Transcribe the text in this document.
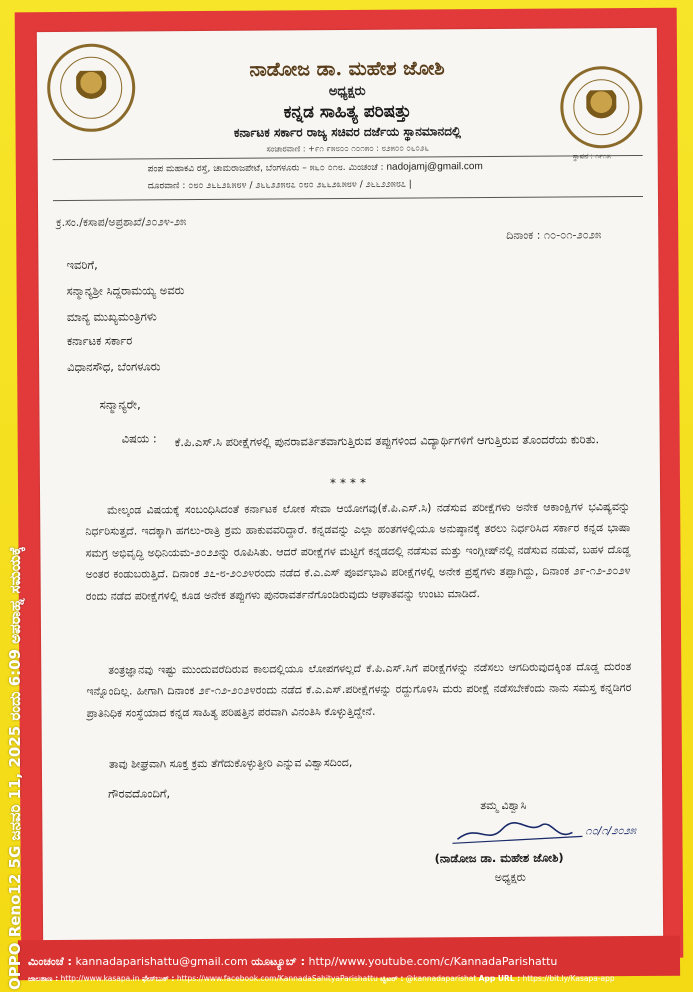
ಸ್ಥಾಪನೆ : ೧೯೧೫
ನಾಡೋಜ ಡಾ. ಮಹೇಶ ಜೋಶಿ
ಅಧ್ಯಕ್ಷರು
ಕನ್ನಡ ಸಾಹಿತ್ಯ ಪರಿಷತ್ತು
ಕರ್ನಾಟಕ ಸರ್ಕಾರ ರಾಜ್ಯ ಸಚಿವರ ದರ್ಜೆಯ ಸ್ಥಾನಮಾನದಲ್ಲಿ
ಸಂಚಾರವಾಣಿ : +೯೧ ೯೫೮೦೦ ೧೦೧೫೦ : ೮೨೫೦೦ ೦೬೦೨೬
ಪಂಪ ಮಹಾಕವಿ ರಸ್ತೆ, ಚಾಮರಾಜಪೇಟೆ, ಬೆಂಗಳೂರು – ೫೬೦ ೦೧೮. ಮಿಂಚಂಚೆ : nadojamj@gmail.com
ದೂರವಾಣಿ : ೦೮೦ ೨೬೬೨೩೫೮೪ / ೨೬೬೨೨೫೮೭ ೦೮೦ ೨೬೬೨೩೫೮೪ / ೨೬೬೨೨೫೮೭ |
ಕ್ರ.ಸಂ./ಕಸಾಪ/ಅಪ್ರಶಾಖೆ/೨೦೨೪-೨೫
ದಿನಾಂಕ : ೧೦-೦೧-೨೦೨೫
ಇವರಿಗೆ,
ಸನ್ಮಾನ್ಯಶ್ರೀ ಸಿದ್ದರಾಮಯ್ಯ ಅವರು
ಮಾನ್ಯ ಮುಖ್ಯಮಂತ್ರಿಗಳು
ಕರ್ನಾಟಕ ಸರ್ಕಾರ
ವಿಧಾನಸೌಧ, ಬೆಂಗಳೂರು
ಸನ್ಮಾನ್ಯರೇ,
ವಿಷಯ : ಕೆ.ಪಿ.ಎಸ್.ಸಿ ಪರೀಕ್ಷೆಗಳಲ್ಲಿ ಪುನರಾವರ್ತಿತವಾಗುತ್ತಿರುವ ತಪ್ಪುಗಳಿಂದ ವಿದ್ಯಾರ್ಥಿಗಳಿಗೆ ಆಗುತ್ತಿರುವ ತೊಂದರೆಯ ಕುರಿತು.
****
ಮೇಲ್ಕಂಡ ವಿಷಯಕ್ಕೆ ಸಂಬಂಧಿಸಿದಂತೆ ಕರ್ನಾಟಕ ಲೋಕ ಸೇವಾ ಆಯೋಗವು(ಕೆ.ಪಿ.ಎಸ್.ಸಿ) ನಡೆಸುವ ಪರೀಕ್ಷೆಗಳು ಅನೇಕ ಆಕಾಂಕ್ಷಿಗಳ ಭವಿಷ್ಯವನ್ನು ನಿರ್ಧರಿಸುತ್ತದೆ. ಇದಕ್ಕಾಗಿ ಹಗಲು-ರಾತ್ರಿ ಶ್ರಮ ಹಾಕುವವರಿದ್ದಾರೆ. ಕನ್ನಡವನ್ನು ಎಲ್ಲಾ ಹಂತಗಳಲ್ಲಿಯೂ ಅನುಷ್ಠಾನಕ್ಕೆ ತರಲು ನಿರ್ಧರಿಸಿದ ಸರ್ಕಾರ ಕನ್ನಡ ಭಾಷಾ ಸಮಗ್ರ ಅಭಿವೃದ್ಧಿ ಅಧಿನಿಯಮ-೨೦೨೨ನ್ನು ರೂಪಿಸಿತು. ಆದರೆ ಪರೀಕ್ಷೆಗಳ ಮಟ್ಟಿಗೆ ಕನ್ನಡದಲ್ಲಿ ನಡೆಸುವ ಮತ್ತು ಇಂಗ್ಲೀಷ್‌ನಲ್ಲಿ ನಡೆಸುವ ನಡುವೆ, ಬಹಳ ದೊಡ್ಡ ಅಂತರ ಕಂಡುಬರುತ್ತಿದೆ. ದಿನಾಂಕ ೨೭-೮-೨೦೨೪ರಂದು ನಡೆದ ಕೆ.ಎ.ಎಸ್ ಪೂರ್ವಭಾವಿ ಪರೀಕ್ಷೆಗಳಲ್ಲಿ ಅನೇಕ ಪ್ರಶ್ನೆಗಳು ತಪ್ಪಾಗಿದ್ದು, ದಿನಾಂಕ ೨೯-೧೨-೨೦೨೪ ರಂದು ನಡೆದ ಪರೀಕ್ಷೆಗಳಲ್ಲಿ ಕೂಡ ಅನೇಕ ತಪ್ಪುಗಳು ಪುನರಾವರ್ತನೆಗೊಂಡಿರುವುದು ಆಘಾತವನ್ನು ಉಂಟು ಮಾಡಿದೆ.
ತಂತ್ರಜ್ಞಾನವು ಇಷ್ಟು ಮುಂದುವರೆದಿರುವ ಕಾಲದಲ್ಲಿಯೂ ಲೋಪಗಳಲ್ಲದೆ ಕೆ.ಪಿ.ಎಸ್.ಸಿಗೆ ಪರೀಕ್ಷೆಗಳನ್ನು ನಡೆಸಲು ಆಗದಿರುವುದಕ್ಕಿಂತ ದೊಡ್ಡ ದುರಂತ ಇನ್ನೊಂದಿಲ್ಲ. ಹೀಗಾಗಿ ದಿನಾಂಕ ೨೯-೧೨-೨೦೨೪ರಂದು ನಡೆದ ಕೆ.ಎ.ಎಸ್.ಪರೀಕ್ಷೆಗಳನ್ನು ರದ್ದುಗೊಳಿಸಿ ಮರು ಪರೀಕ್ಷೆ ನಡೆಸಬೇಕೆಂದು ನಾನು ಸಮಸ್ತ ಕನ್ನಡಿಗರ ಪ್ರಾತಿನಿಧಿಕ ಸಂಸ್ಥೆಯಾದ ಕನ್ನಡ ಸಾಹಿತ್ಯ ಪರಿಷತ್ತಿನ ಪರವಾಗಿ ವಿನಂತಿಸಿ ಕೊಳ್ಳುತ್ತಿದ್ದೇನೆ.
ತಾವು ಶೀಘ್ರವಾಗಿ ಸೂಕ್ತ ಕ್ರಮ ತೆಗೆದುಕೊಳ್ಳುತ್ತೀರಿ ಎನ್ನುವ ವಿಶ್ವಾಸದಿಂದ,
ಗೌರವದೊಂದಿಗೆ,
ತಮ್ಮ ವಿಶ್ವಾಸಿ
೧೦/೧/೨೦೨೫
(ನಾಡೋಜ ಡಾ. ಮಹೇಶ ಜೋಶಿ)
ಅಧ್ಯಕ್ಷರು
ಮಿಂಚಂಚೆ : kannadaparishattu@gmail.com ಯೂಟ್ಯೂಬ್ : http//www.youtube.com/c/KannadaParishattu
ಜಾಲತಾಣ : http://www.kasapa.in ಫೇಸ್‌ಬುಕ್ : https://www.facebook.com/KannadaSahityaParishattu ಟ್ವಿಟರ್ : @kannadaparishat App URL : https://bit.ly/Kasapa-app
OPPO Reno12 5G ಜನವರಿ 11, 2025 ರಂದು 6:09 ಅಪರಾಹ್ನ ಸಮಯಕ್ಕೆ
